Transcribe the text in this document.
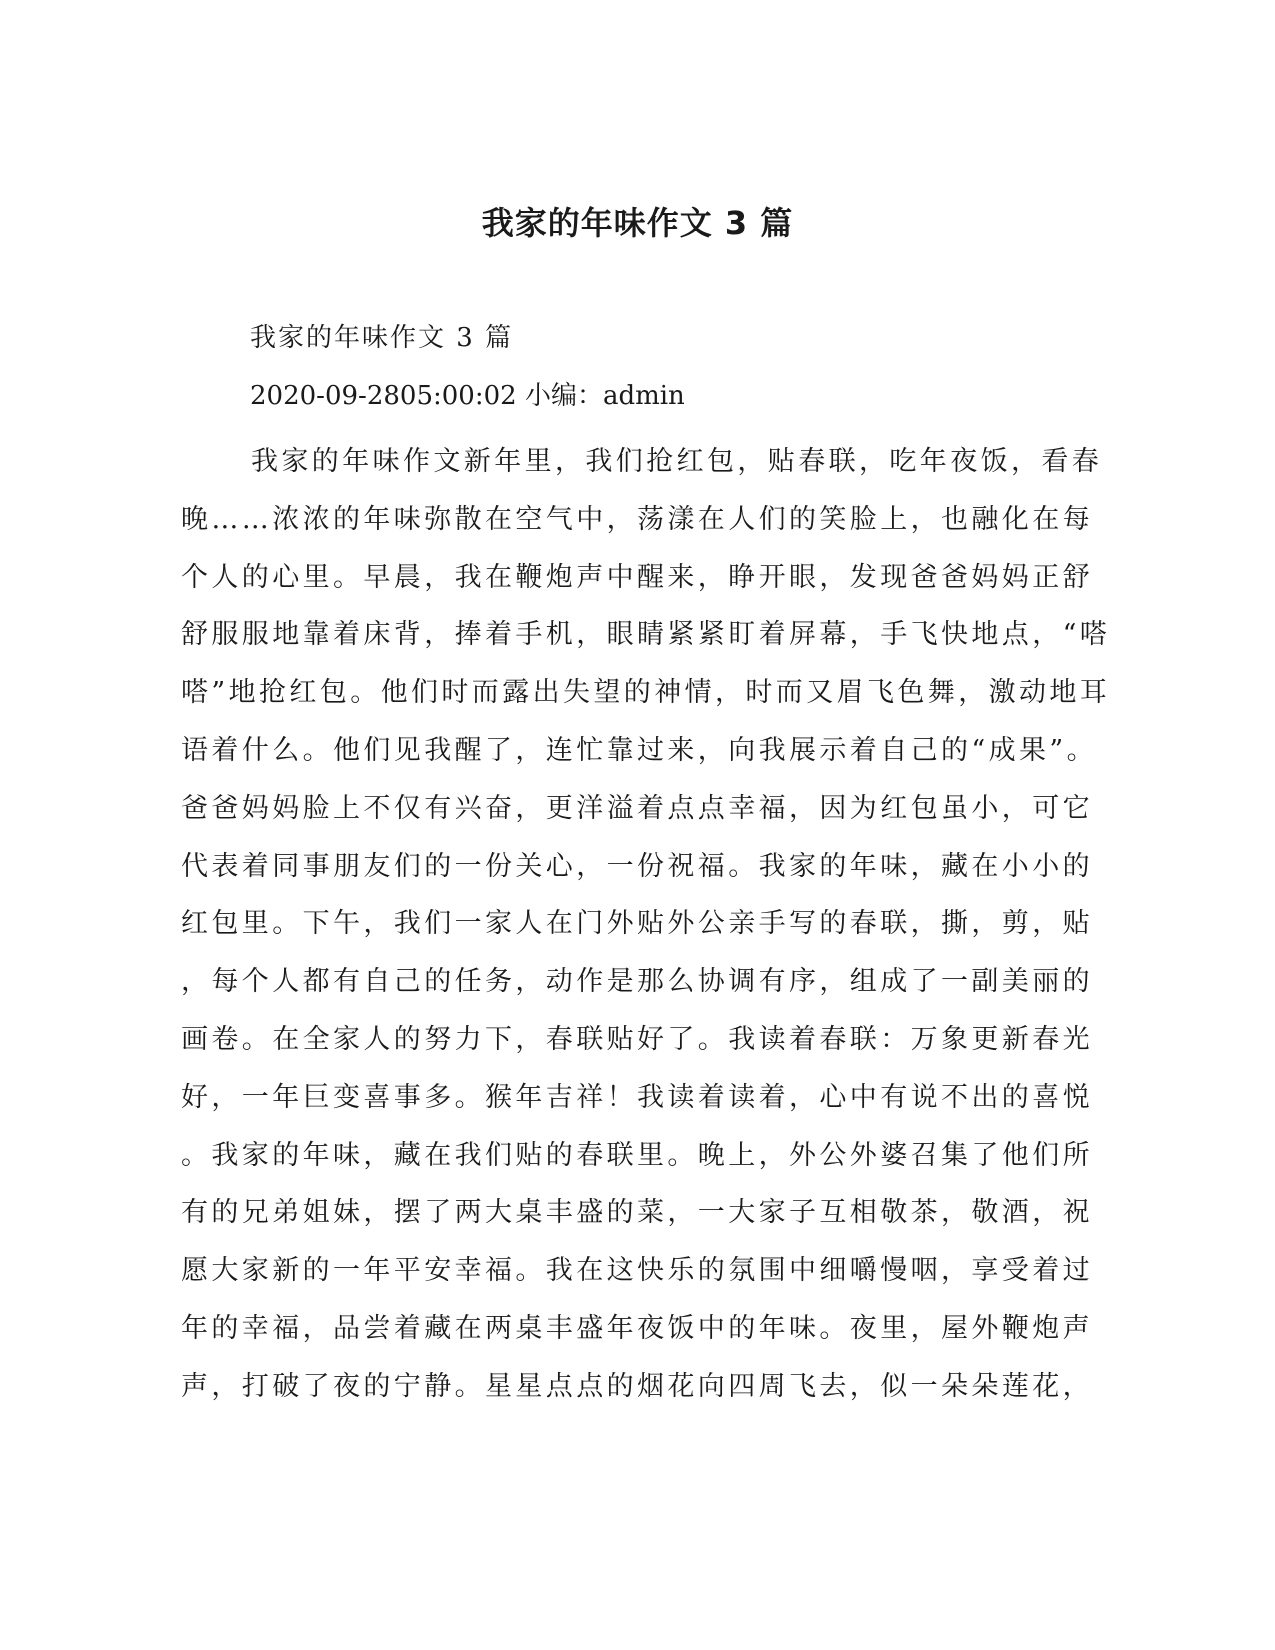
我家的年味作文 3 篇
我家的年味作文 3 篇
2020-09-2805:00:02 小编：admin
我家的年味作文新年里，我们抢红包，贴春联，吃年夜饭，看春
晚……浓浓的年味弥散在空气中，荡漾在人们的笑脸上，也融化在每
个人的心里。早晨，我在鞭炮声中醒来，睁开眼，发现爸爸妈妈正舒
舒服服地靠着床背，捧着手机，眼睛紧紧盯着屏幕，手飞快地点，“嗒
嗒”地抢红包。他们时而露出失望的神情，时而又眉飞色舞，激动地耳
语着什么。他们见我醒了，连忙靠过来，向我展示着自己的“成果”。
爸爸妈妈脸上不仅有兴奋，更洋溢着点点幸福，因为红包虽小，可它
代表着同事朋友们的一份关心，一份祝福。我家的年味，藏在小小的
红包里。下午，我们一家人在门外贴外公亲手写的春联，撕，剪，贴
，每个人都有自己的任务，动作是那么协调有序，组成了一副美丽的
画卷。在全家人的努力下，春联贴好了。我读着春联：万象更新春光
好，一年巨变喜事多。猴年吉祥！我读着读着，心中有说不出的喜悦
。我家的年味，藏在我们贴的春联里。晚上，外公外婆召集了他们所
有的兄弟姐妹，摆了两大桌丰盛的菜，一大家子互相敬茶，敬酒，祝
愿大家新的一年平安幸福。我在这快乐的氛围中细嚼慢咽，享受着过
年的幸福，品尝着藏在两桌丰盛年夜饭中的年味。夜里，屋外鞭炮声
声，打破了夜的宁静。星星点点的烟花向四周飞去，似一朵朵莲花，
